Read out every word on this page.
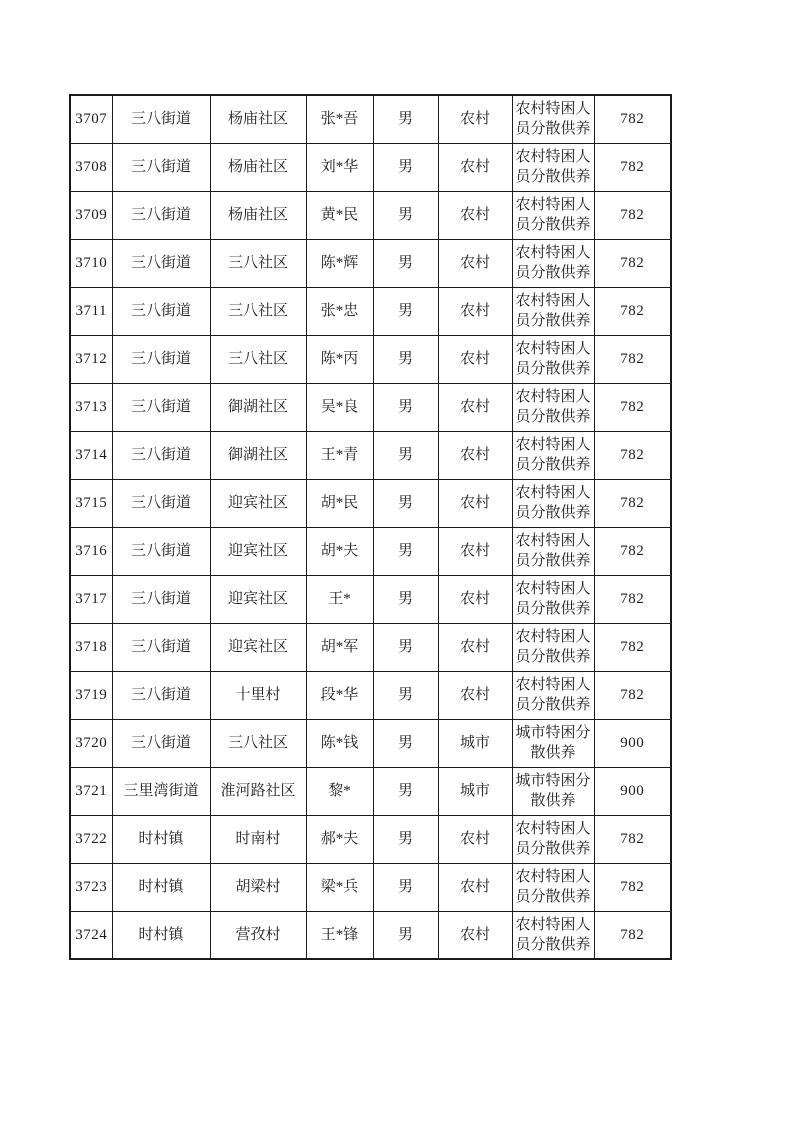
3707	三八街道	杨庙社区	张*吾	男	农村	农村特困人员分散供养	782
3708	三八街道	杨庙社区	刘*华	男	农村	农村特困人员分散供养	782
3709	三八街道	杨庙社区	黄*民	男	农村	农村特困人员分散供养	782
3710	三八街道	三八社区	陈*辉	男	农村	农村特困人员分散供养	782
3711	三八街道	三八社区	张*忠	男	农村	农村特困人员分散供养	782
3712	三八街道	三八社区	陈*丙	男	农村	农村特困人员分散供养	782
3713	三八街道	御湖社区	吴*良	男	农村	农村特困人员分散供养	782
3714	三八街道	御湖社区	王*青	男	农村	农村特困人员分散供养	782
3715	三八街道	迎宾社区	胡*民	男	农村	农村特困人员分散供养	782
3716	三八街道	迎宾社区	胡*夫	男	农村	农村特困人员分散供养	782
3717	三八街道	迎宾社区	王*	男	农村	农村特困人员分散供养	782
3718	三八街道	迎宾社区	胡*军	男	农村	农村特困人员分散供养	782
3719	三八街道	十里村	段*华	男	农村	农村特困人员分散供养	782
3720	三八街道	三八社区	陈*钱	男	城市	城市特困分散供养	900
3721	三里湾街道	淮河路社区	黎*	男	城市	城市特困分散供养	900
3722	时村镇	时南村	郝*夫	男	农村	农村特困人员分散供养	782
3723	时村镇	胡梁村	梁*兵	男	农村	农村特困人员分散供养	782
3724	时村镇	营孜村	王*锋	男	农村	农村特困人员分散供养	782
